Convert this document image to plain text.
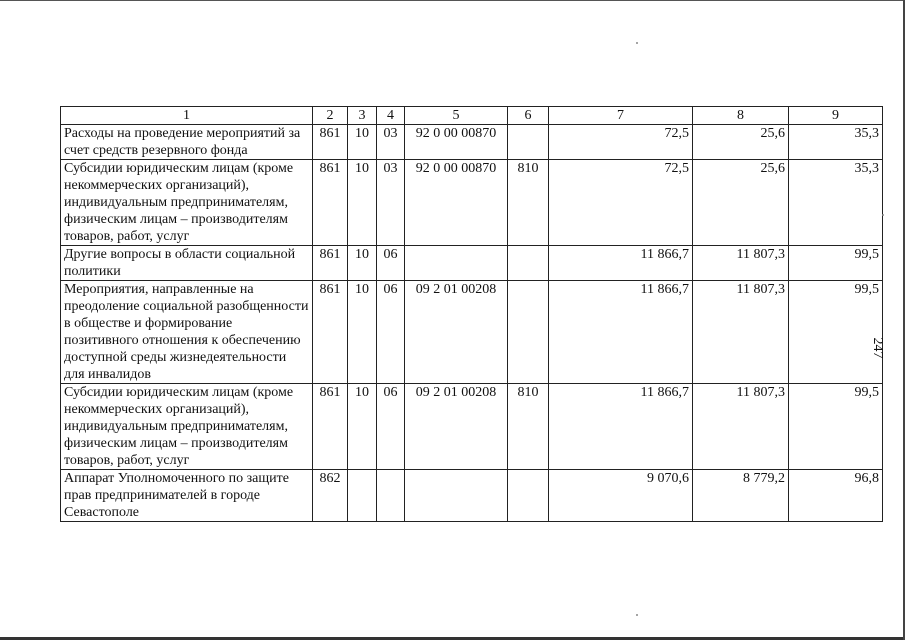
1	2	3	4	5	6	7	8	9
Расходы на проведение мероприятий за счет средств резервного фонда	861	10	03	92 0 00 00870		72,5	25,6	35,3
Субсидии юридическим лицам (кроме некоммерческих организаций), индивидуальным предпринимателям, физическим лицам – производителям товаров, работ, услуг	861	10	03	92 0 00 00870	810	72,5	25,6	35,3
Другие вопросы в области социальной политики	861	10	06			11 866,7	11 807,3	99,5
Мероприятия, направленные на преодоление социальной разобщенности в обществе и формирование позитивного отношения к обеспечению доступной среды жизнедеятельности для инвалидов	861	10	06	09 2 01 00208		11 866,7	11 807,3	99,5
Субсидии юридическим лицам (кроме некоммерческих организаций), индивидуальным предпринимателям, физическим лицам – производителям товаров, работ, услуг	861	10	06	09 2 01 00208	810	11 866,7	11 807,3	99,5
Аппарат Уполномоченного по защите прав предпринимателей в городе Севастополе	862					9 070,6	8 779,2	96,8
247
